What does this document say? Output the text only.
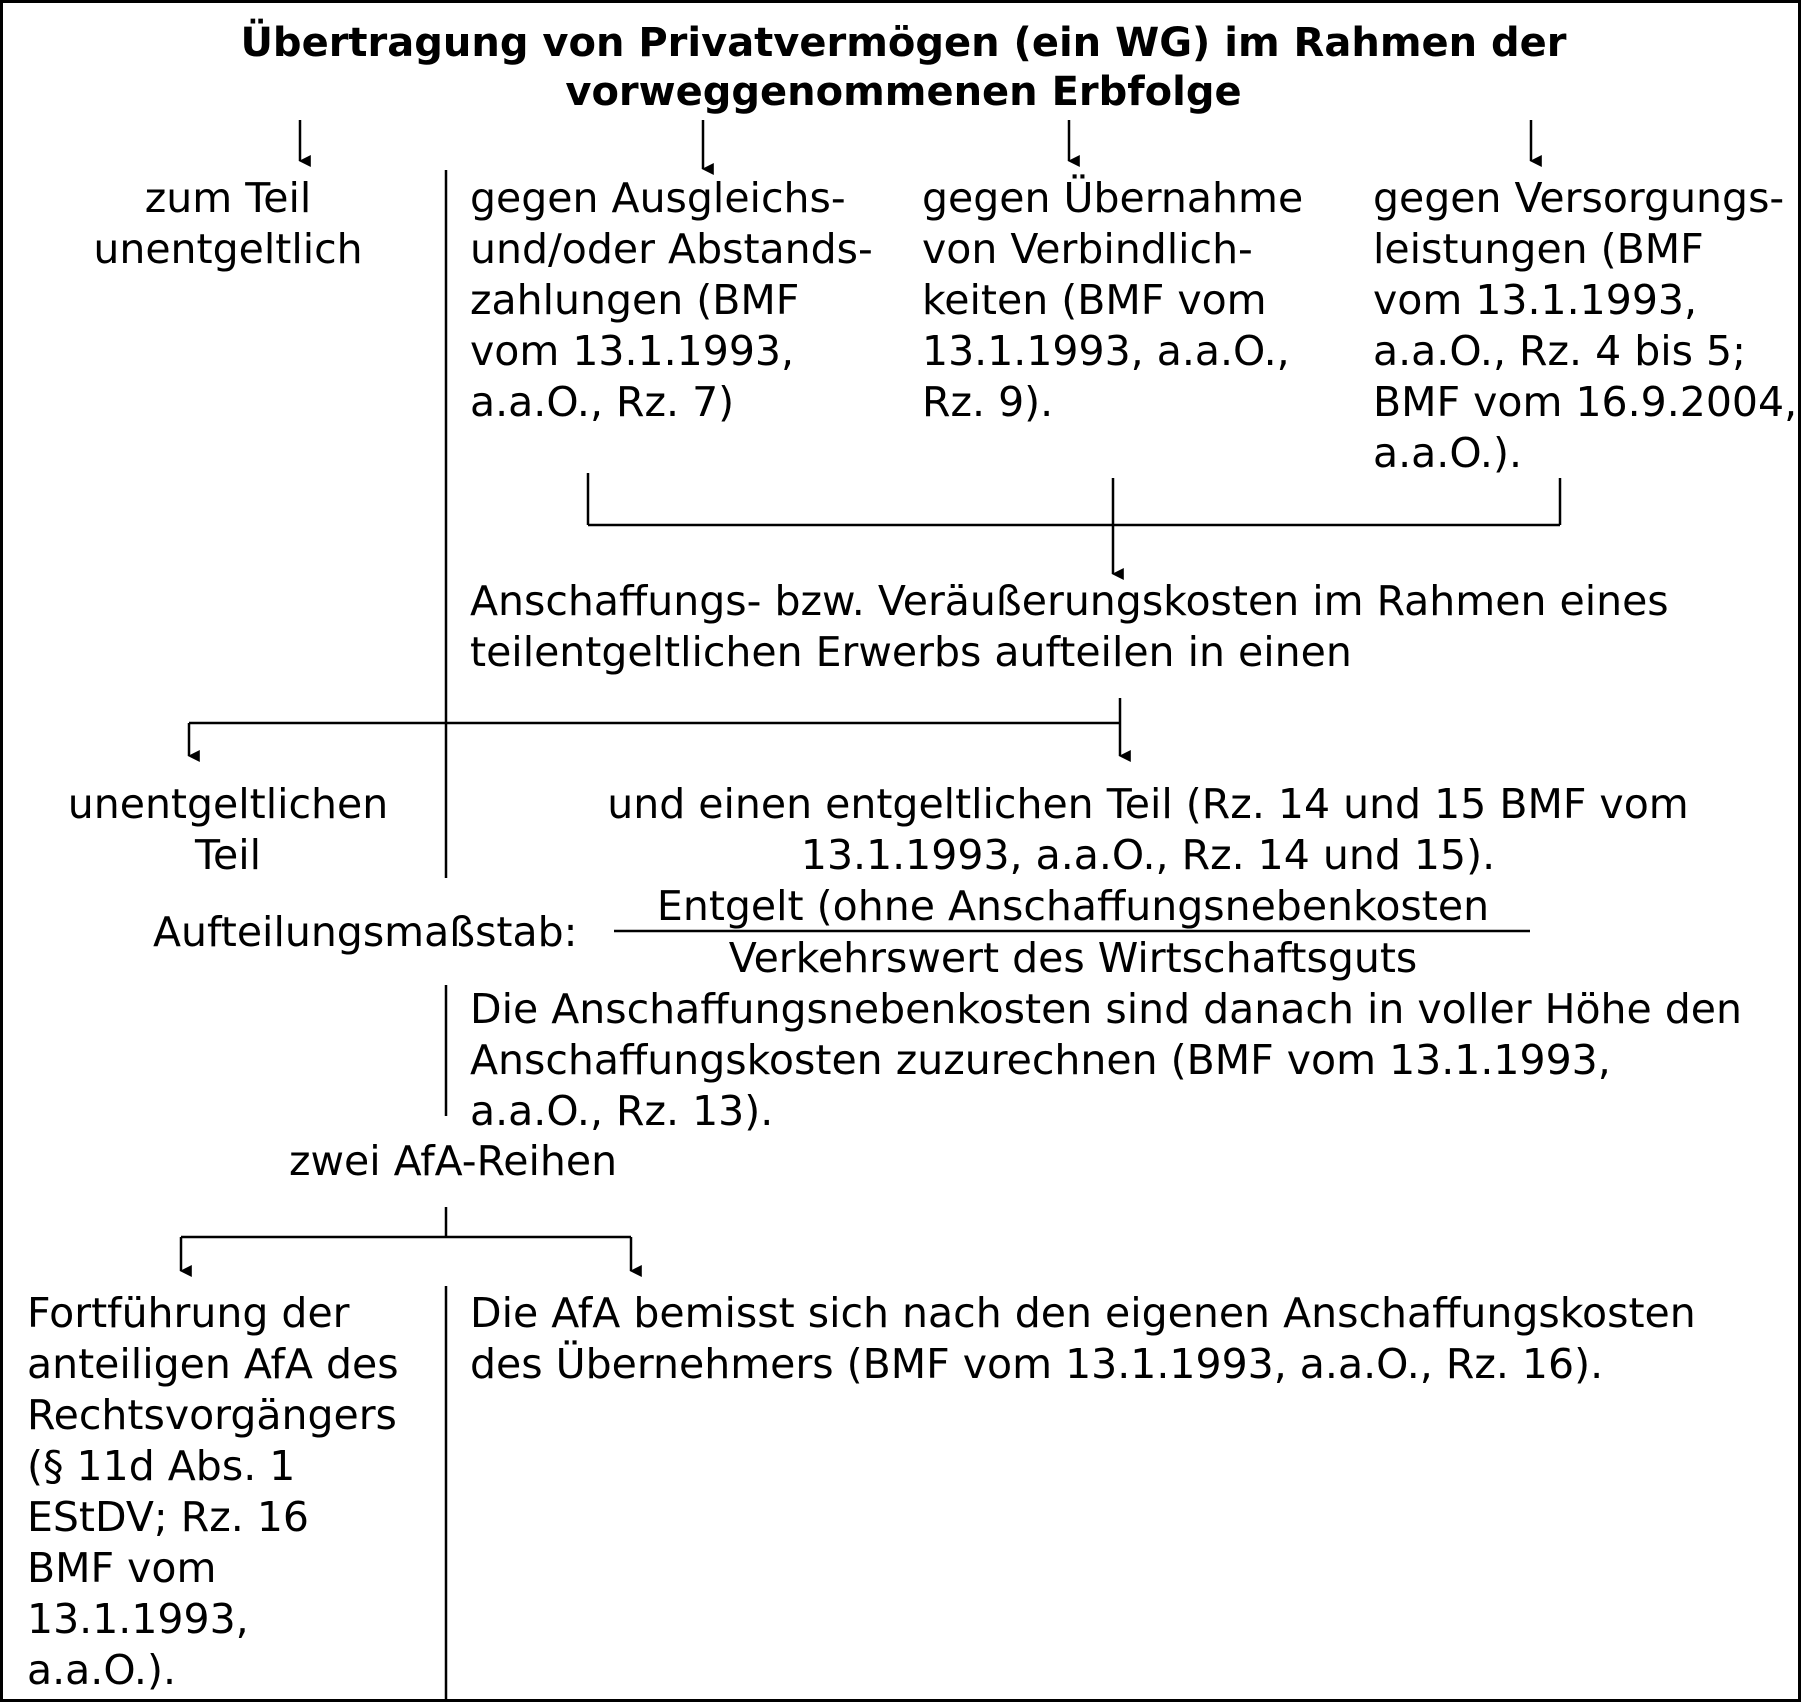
Übertragung von Privatvermögen (ein WG) im Rahmen der
vorweggenommenen Erbfolge

zum Teil
unentgeltlich

gegen Ausgleichs-
und/oder Abstands-
zahlungen (BMF
vom 13.1.1993,
a.a.O., Rz. 7)

gegen Übernahme
von Verbindlich-
keiten (BMF vom
13.1.1993, a.a.O.,
Rz. 9).

gegen Versorgungs-
leistungen (BMF
vom 13.1.1993,
a.a.O., Rz. 4 bis 5;
BMF vom 16.9.2004,
a.a.O.).

Anschaffungs- bzw. Veräußerungskosten im Rahmen eines
teilentgeltlichen Erwerbs aufteilen in einen

unentgeltlichen
Teil

und einen entgeltlichen Teil (Rz. 14 und 15 BMF vom
13.1.1993, a.a.O., Rz. 14 und 15).

Aufteilungsmaßstab:

Entgelt (ohne Anschaffungsnebenkosten

Verkehrswert des Wirtschaftsguts

Die Anschaffungsnebenkosten sind danach in voller Höhe den
Anschaffungskosten zuzurechnen (BMF vom 13.1.1993,
a.a.O., Rz. 13).

zwei AfA-Reihen

Fortführung der
anteiligen AfA des
Rechtsvorgängers
(§ 11d Abs. 1
EStDV; Rz. 16
BMF vom
13.1.1993,
a.a.O.).

Die AfA bemisst sich nach den eigenen Anschaffungskosten
des Übernehmers (BMF vom 13.1.1993, a.a.O., Rz. 16).
